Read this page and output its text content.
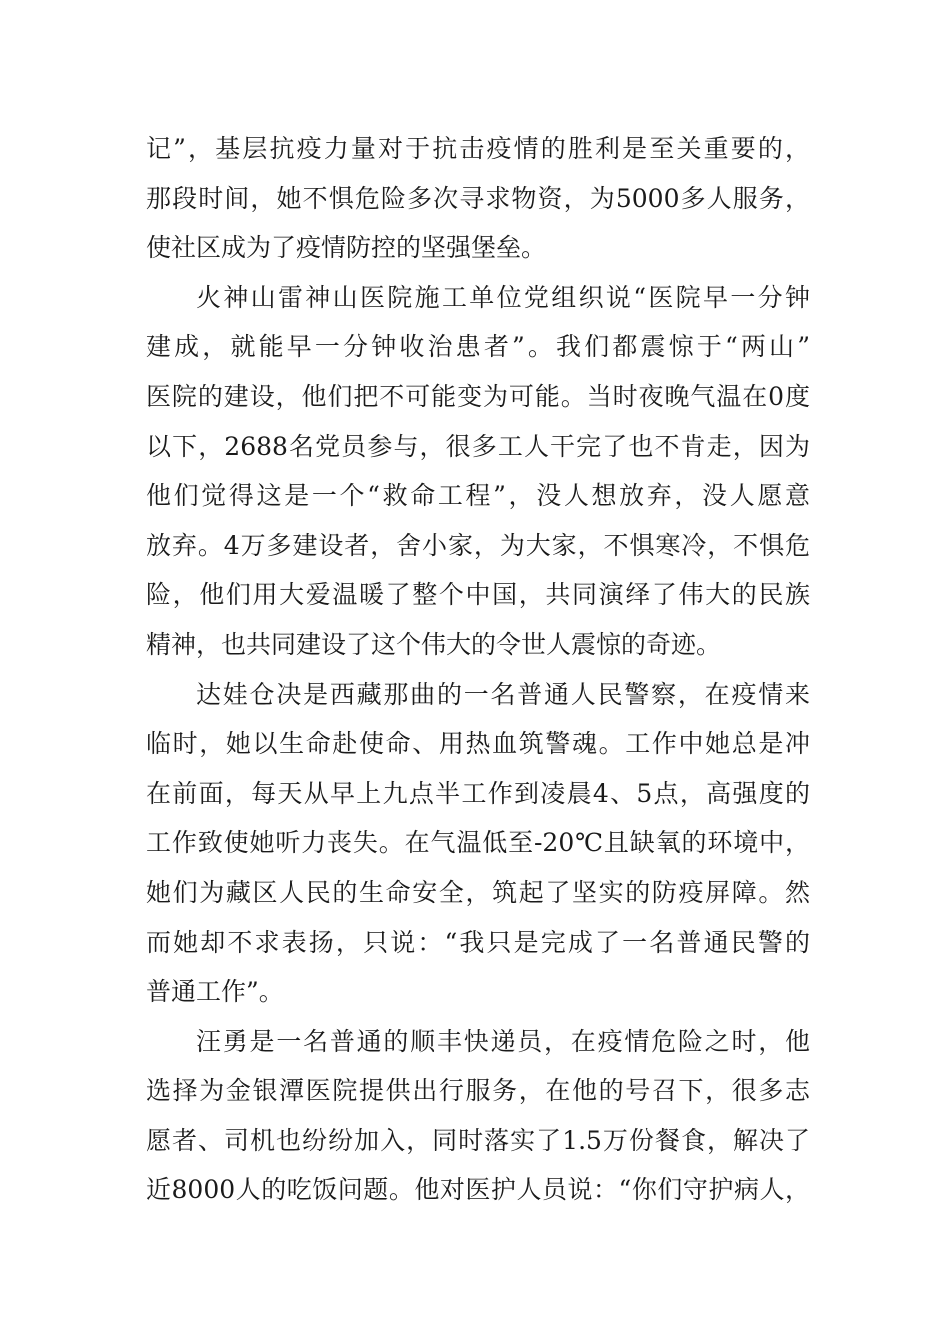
记”，基层抗疫力量对于抗击疫情的胜利是至关重要的，
那段时间，她不惧危险多次寻求物资，为5000多人服务，
使社区成为了疫情防控的坚强堡垒。
火神山雷神山医院施工单位党组织说“医院早一分钟
建成，就能早一分钟收治患者”。我们都震惊于“两山”
医院的建设，他们把不可能变为可能。当时夜晚气温在0度
以下，2688名党员参与，很多工人干完了也不肯走，因为
他们觉得这是一个“救命工程”，没人想放弃，没人愿意
放弃。4万多建设者，舍小家，为大家，不惧寒冷，不惧危
险，他们用大爱温暖了整个中国，共同演绎了伟大的民族
精神，也共同建设了这个伟大的令世人震惊的奇迹。
达娃仓决是西藏那曲的一名普通人民警察，在疫情来
临时，她以生命赴使命、用热血筑警魂。工作中她总是冲
在前面，每天从早上九点半工作到凌晨4、5点，高强度的
工作致使她听力丧失。在气温低至-20℃且缺氧的环境中，
她们为藏区人民的生命安全，筑起了坚实的防疫屏障。然
而她却不求表扬，只说：“我只是完成了一名普通民警的
普通工作”。
汪勇是一名普通的顺丰快递员，在疫情危险之时，他
选择为金银潭医院提供出行服务，在他的号召下，很多志
愿者、司机也纷纷加入，同时落实了1.5万份餐食，解决了
近8000人的吃饭问题。他对医护人员说：“你们守护病人，
